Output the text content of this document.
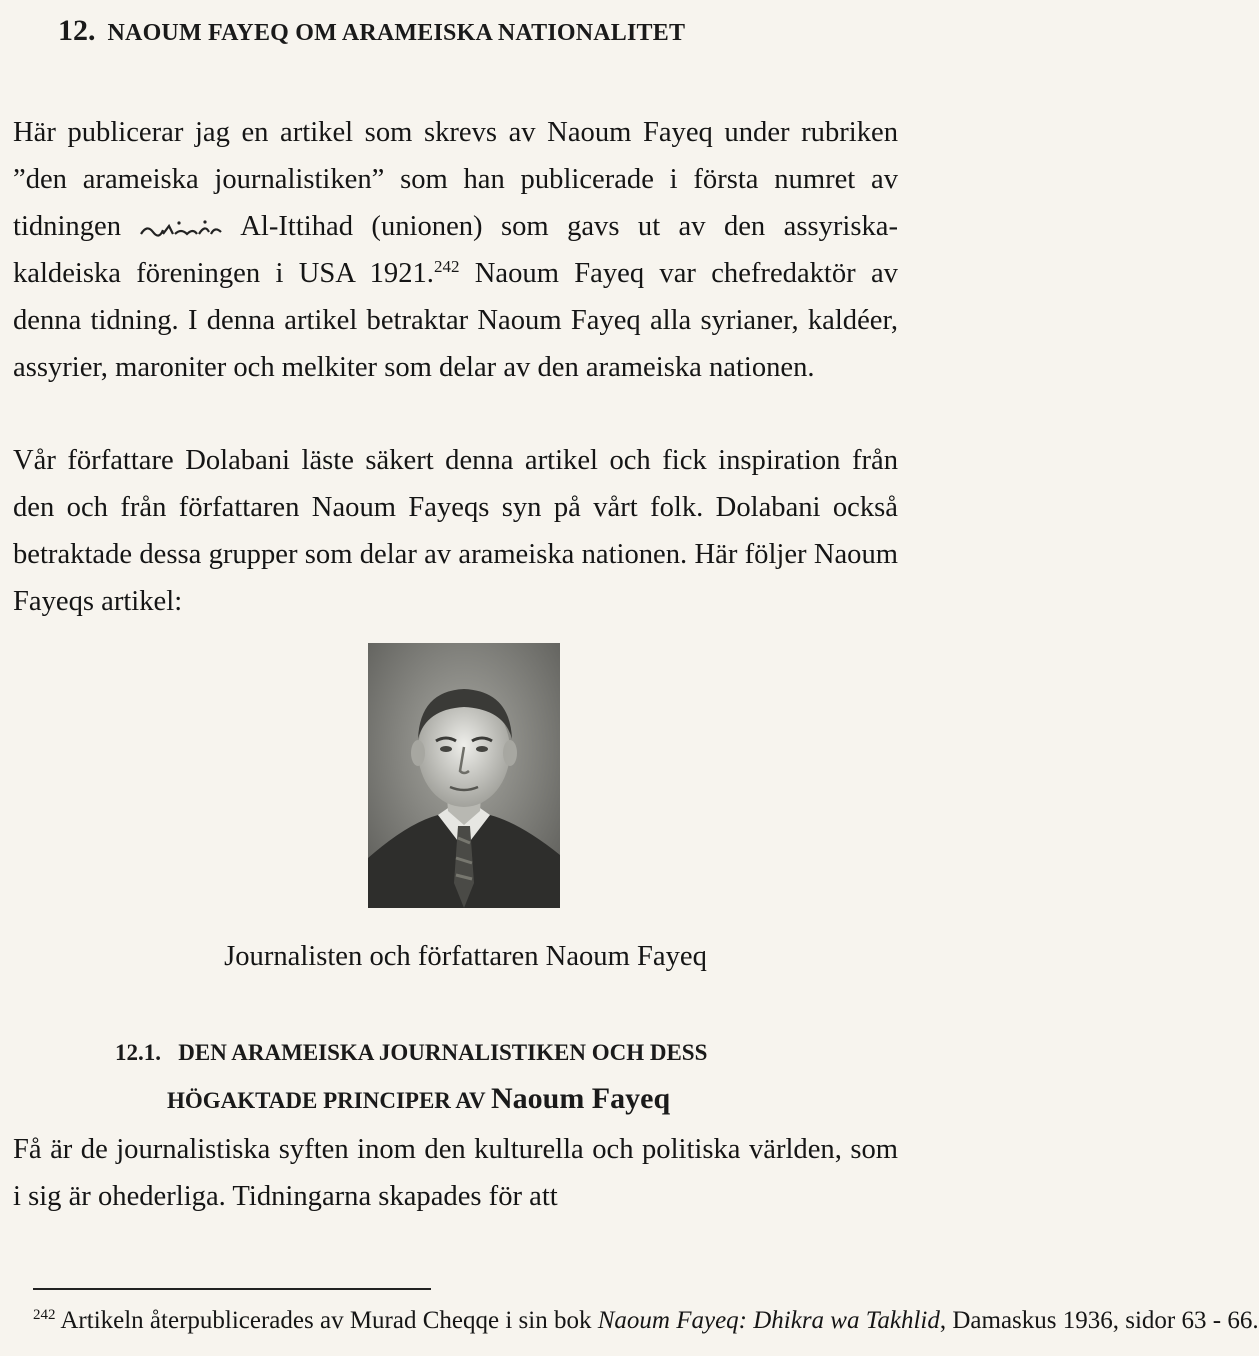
12. NAOUM FAYEQ OM ARAMEISKA NATIONALITET

Här publicerar jag en artikel som skrevs av Naoum Fayeq under rubriken ”den arameiska journalistiken” som han publicerade i första numret av tidningen	Al-Ittihad (unionen) som gavs ut av den assyriska-kaldeiska föreningen i USA 1921.$^{242}$ Naoum Fayeq var chefredaktör av denna tidning. I denna artikel betraktar Naoum Fayeq alla syrianer, kaldéer, assyrier, maroniter och melkiter som delar av den arameiska nationen.

Vår författare Dolabani läste säkert denna artikel och fick inspiration från den och från författaren Naoum Fayeqs syn på vårt folk. Dolabani också betraktade dessa grupper som delar av arameiska nationen. Här följer Naoum Fayeqs artikel:

Journalisten och författaren Naoum Fayeq
12.1. DEN ARAMEISKA JOURNALISTIKEN OCH DESS
HÖGAKTADE PRINCIPER AV Naoum Fayeq

Få är de journalistiska syften inom den kulturella och politiska världen, som i sig är ohederliga. Tidningarna skapades för att

$^{242}$ Artikeln återpublicerades av Murad Cheqqe i sin bok Naoum Fayeq: Dhikra wa Takhlid, Damaskus 1936, sidor 63 - 66.
